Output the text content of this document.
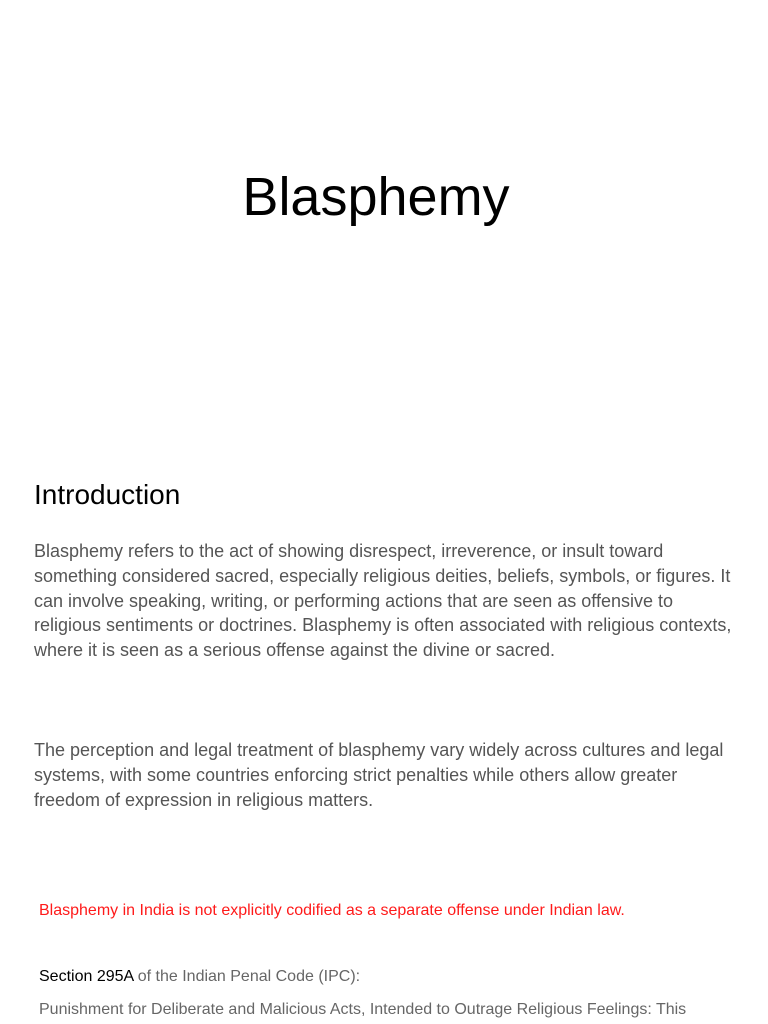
Blasphemy
Introduction

Blasphemy refers to the act of showing disrespect, irreverence, or insult toward something considered sacred, especially religious deities, beliefs, symbols, or figures. It can involve speaking, writing, or performing actions that are seen as offensive to religious sentiments or doctrines. Blasphemy is often associated with religious contexts, where it is seen as a serious offense against the divine or sacred.

The perception and legal treatment of blasphemy vary widely across cultures and legal systems, with some countries enforcing strict penalties while others allow greater freedom of expression in religious matters.

Blasphemy in India is not explicitly codified as a separate offense under Indian law.

Section 295A of the Indian Penal Code (IPC):

Punishment for Deliberate and Malicious Acts, Intended to Outrage Religious Feelings: This
